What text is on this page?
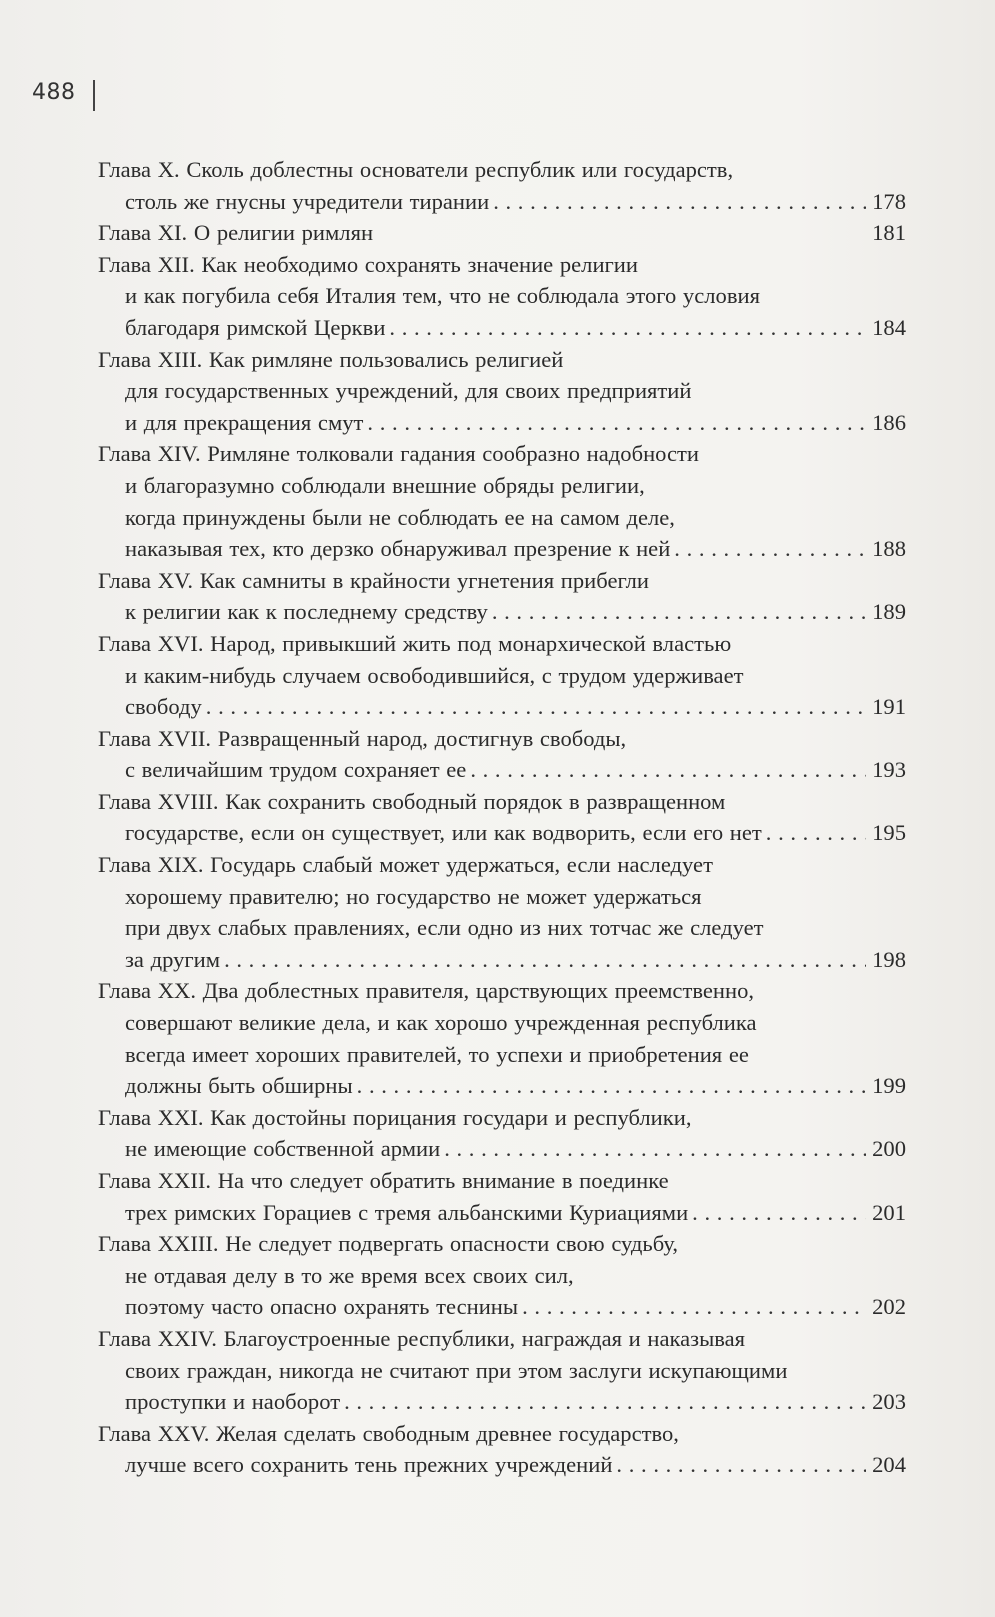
488
Глава X. Сколь доблестны основатели республик или государств,
столь же гнусны учредители тирании . . .	178
Глава XI. О религии римлян	181
Глава XII. Как необходимо сохранять значение религии
и как погубила себя Италия тем, что не соблюдала этого условия
благодаря римской Церкви . . .	184
Глава XIII. Как римляне пользовались религией
для государственных учреждений, для своих предприятий
и для прекращения смут . . .	186
Глава XIV. Римляне толковали гадания сообразно надобности
и благоразумно соблюдали внешние обряды религии,
когда принуждены были не соблюдать ее на самом деле,
наказывая тех, кто дерзко обнаруживал презрение к ней . . .	188
Глава XV. Как самниты в крайности угнетения прибегли
к религии как к последнему средству . . .	189
Глава XVI. Народ, привыкший жить под монархической властью
и каким-нибудь случаем освободившийся, с трудом удерживает
свободу . . .	191
Глава XVII. Развращенный народ, достигнув свободы,
с величайшим трудом сохраняет ее . . .	193
Глава XVIII. Как сохранить свободный порядок в развращенном
государстве, если он существует, или как водворить, если его нет . . .	195
Глава XIX. Государь слабый может удержаться, если наследует
хорошему правителю; но государство не может удержаться
при двух слабых правлениях, если одно из них тотчас же следует
за другим . . .	198
Глава XX. Два доблестных правителя, царствующих преемственно,
совершают великие дела, и как хорошо учрежденная республика
всегда имеет хороших правителей, то успехи и приобретения ее
должны быть обширны . . .	199
Глава XXI. Как достойны порицания государи и республики,
не имеющие собственной армии . . .	200
Глава XXII. На что следует обратить внимание в поединке
трех римских Горациев с тремя альбанскими Куриациями . . .	201
Глава XXIII. Не следует подвергать опасности свою судьбу,
не отдавая делу в то же время всех своих сил,
поэтому часто опасно охранять теснины . . .	202
Глава XXIV. Благоустроенные республики, награждая и наказывая
своих граждан, никогда не считают при этом заслуги искупающими
проступки и наоборот . . .	203
Глава XXV. Желая сделать свободным древнее государство,
лучше всего сохранить тень прежних учреждений . . .	204
